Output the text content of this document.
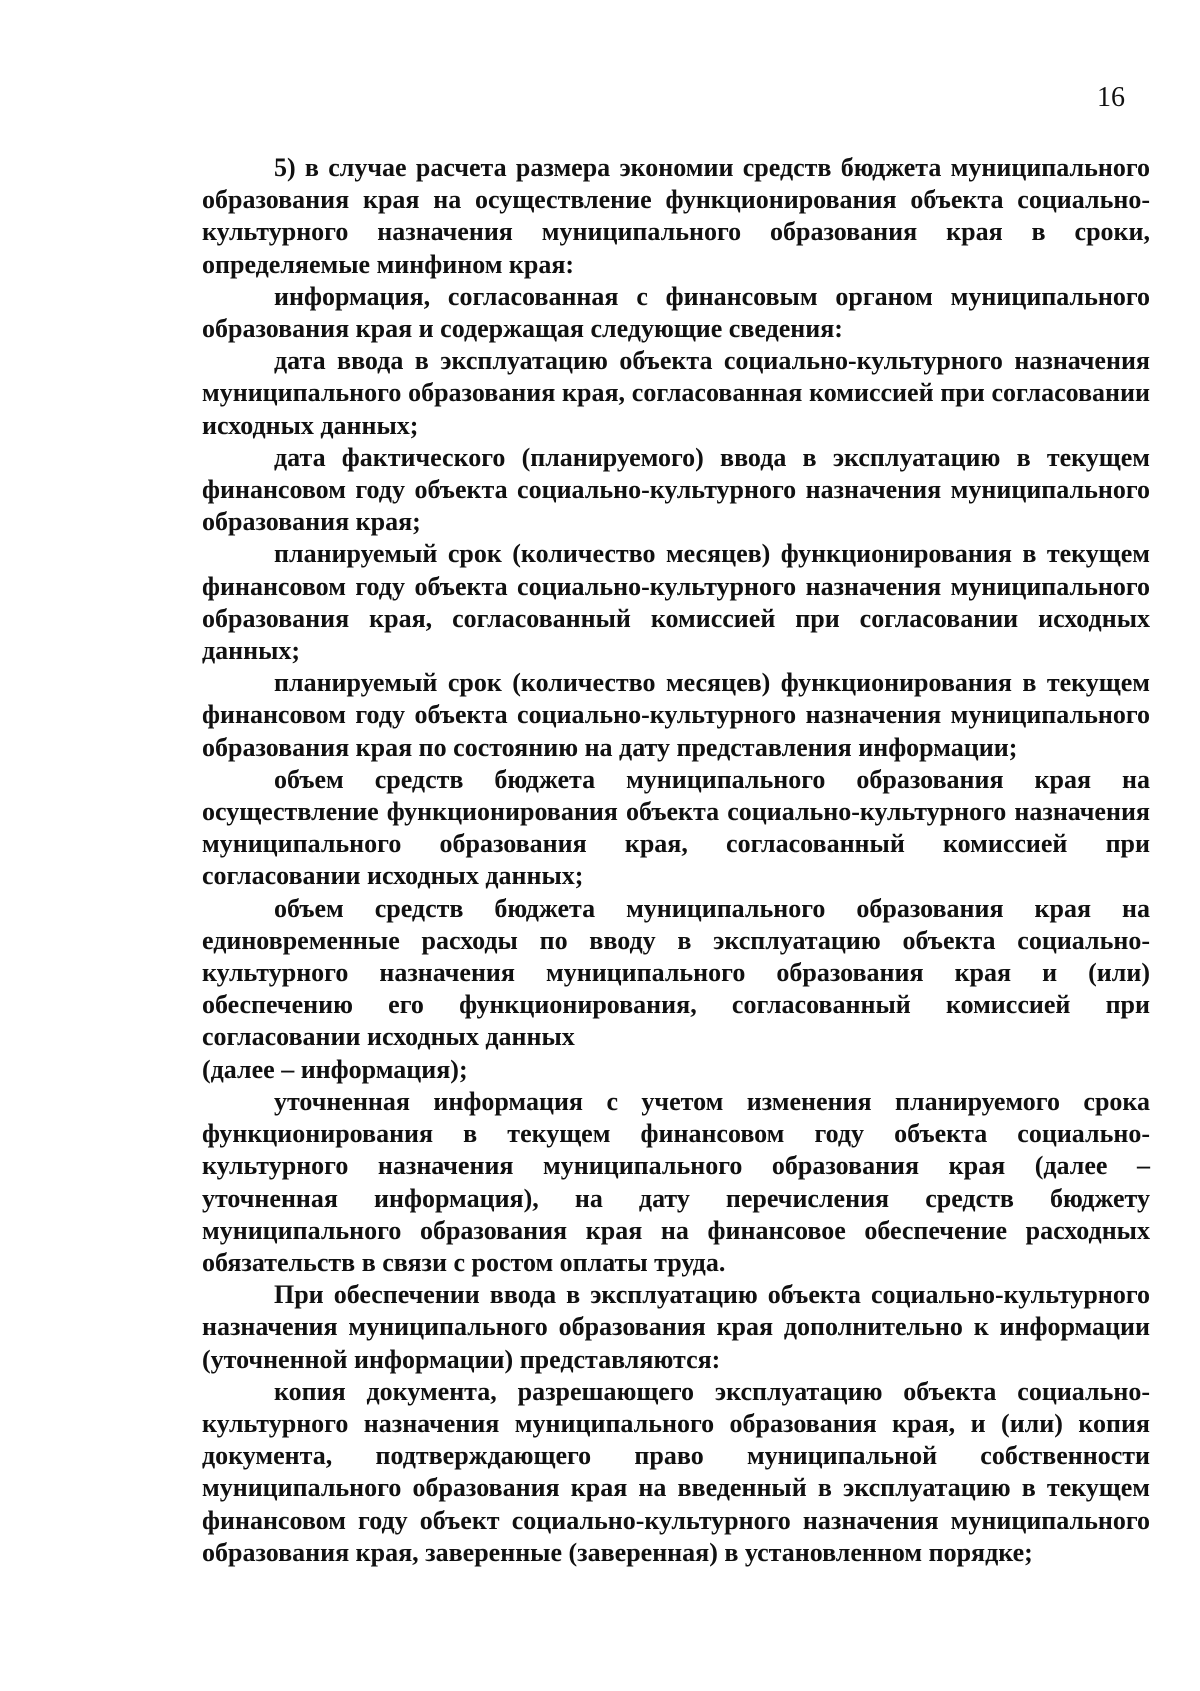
16

5) в случае расчета размера экономии средств бюджета муниципального образования края на осуществление функционирования объекта социально-культурного назначения муниципального образования края в сроки, определяемые минфином края:

информация, согласованная с финансовым органом муниципального образования края и содержащая следующие сведения:

дата ввода в эксплуатацию объекта социально-культурного назначения муниципального образования края, согласованная комиссией при согласовании исходных данных;

дата фактического (планируемого) ввода в эксплуатацию в текущем финансовом году объекта социально-культурного назначения муниципального образования края;

планируемый срок (количество месяцев) функционирования в текущем финансовом году объекта социально-культурного назначения муниципального образования края, согласованный комиссией при согласовании исходных данных;

планируемый срок (количество месяцев) функционирования в текущем финансовом году объекта социально-культурного назначения муниципального образования края по состоянию на дату представления информации;

объем средств бюджета муниципального образования края на осуществление функционирования объекта социально-культурного назначения муниципального образования края, согласованный комиссией при согласовании исходных данных;

объем средств бюджета муниципального образования края на единовременные расходы по вводу в эксплуатацию объекта социально-культурного назначения муниципального образования края и (или) обеспечению его функционирования, согласованный комиссией при согласовании исходных данных

(далее – информация);

уточненная информация с учетом изменения планируемого срока функционирования в текущем финансовом году объекта социально-культурного назначения муниципального образования края (далее – уточненная информация), на дату перечисления средств бюджету муниципального образования края на финансовое обеспечение расходных обязательств в связи с ростом оплаты труда.

При обеспечении ввода в эксплуатацию объекта социально-культурного назначения муниципального образования края дополнительно к информации (уточненной информации) представляются:

копия документа, разрешающего эксплуатацию объекта социально-культурного назначения муниципального образования края, и (или) копия документа, подтверждающего право муниципальной собственности муниципального образования края на введенный в эксплуатацию в текущем финансовом году объект социально-культурного назначения муниципального образования края, заверенные (заверенная) в установленном порядке;
